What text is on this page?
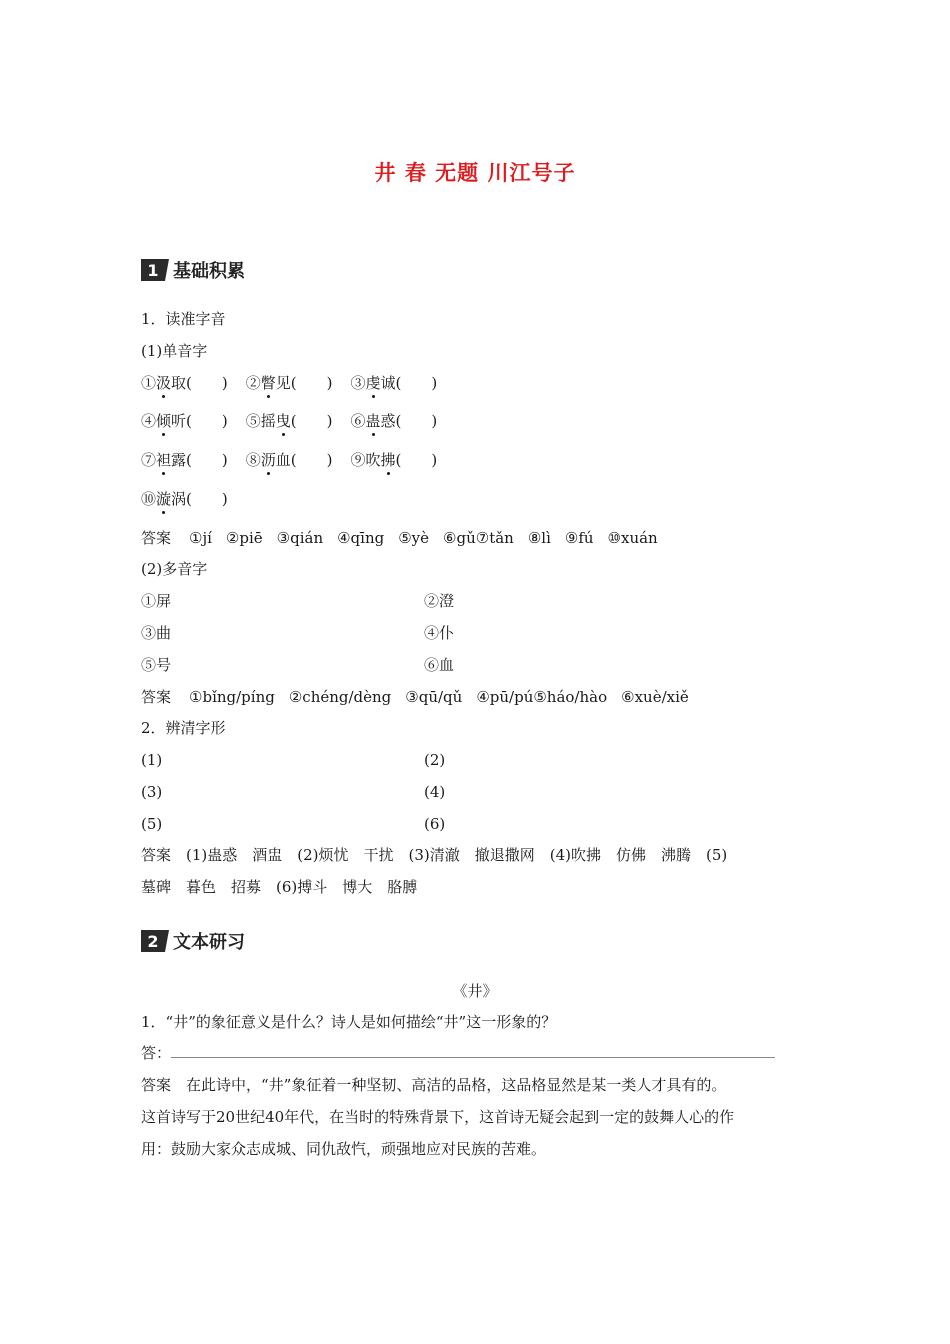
井 春 无题 川江号子
1 基础积累
1．读准字音
(1)单音字
①汲取(　　) ②瞥见(　　) ③虔诚(　　)
④倾听(　　) ⑤摇曳(　　) ⑥蛊惑(　　)
⑦袒露(　　) ⑧沥血(　　) ⑨吹拂(　　)
⑩漩涡(　　)
答案 ①jí ②piē ③qián ④qīng ⑤yè ⑥gǔ⑦tǎn ⑧lì ⑨fú ⑩xuán
(2)多音字
①屏	②澄
③曲	④仆
⑤号	⑥血
答案 ①bǐng/píng ②chéng/dèng ③qū/qǔ ④pū/pú⑤háo/hào ⑥xuè/xiě
2．辨清字形
(1)	(2)
(3)	(4)
(5)	(6)
答案　(1)蛊惑　酒盅　(2)烦忧　干扰　(3)清澈　撤退撒网　(4)吹拂　仿佛　沸腾　(5)
墓碑　暮色　招募　(6)搏斗　博大　胳膊
2 文本研习
《井》
1．“井”的象征意义是什么？诗人是如何描绘“井”这一形象的？
答：
答案　在此诗中，“井”象征着一种坚韧、高洁的品格，这品格显然是某一类人才具有的。
这首诗写于20世纪40年代，在当时的特殊背景下，这首诗无疑会起到一定的鼓舞人心的作
用：鼓励大家众志成城、同仇敌忾，顽强地应对民族的苦难。
